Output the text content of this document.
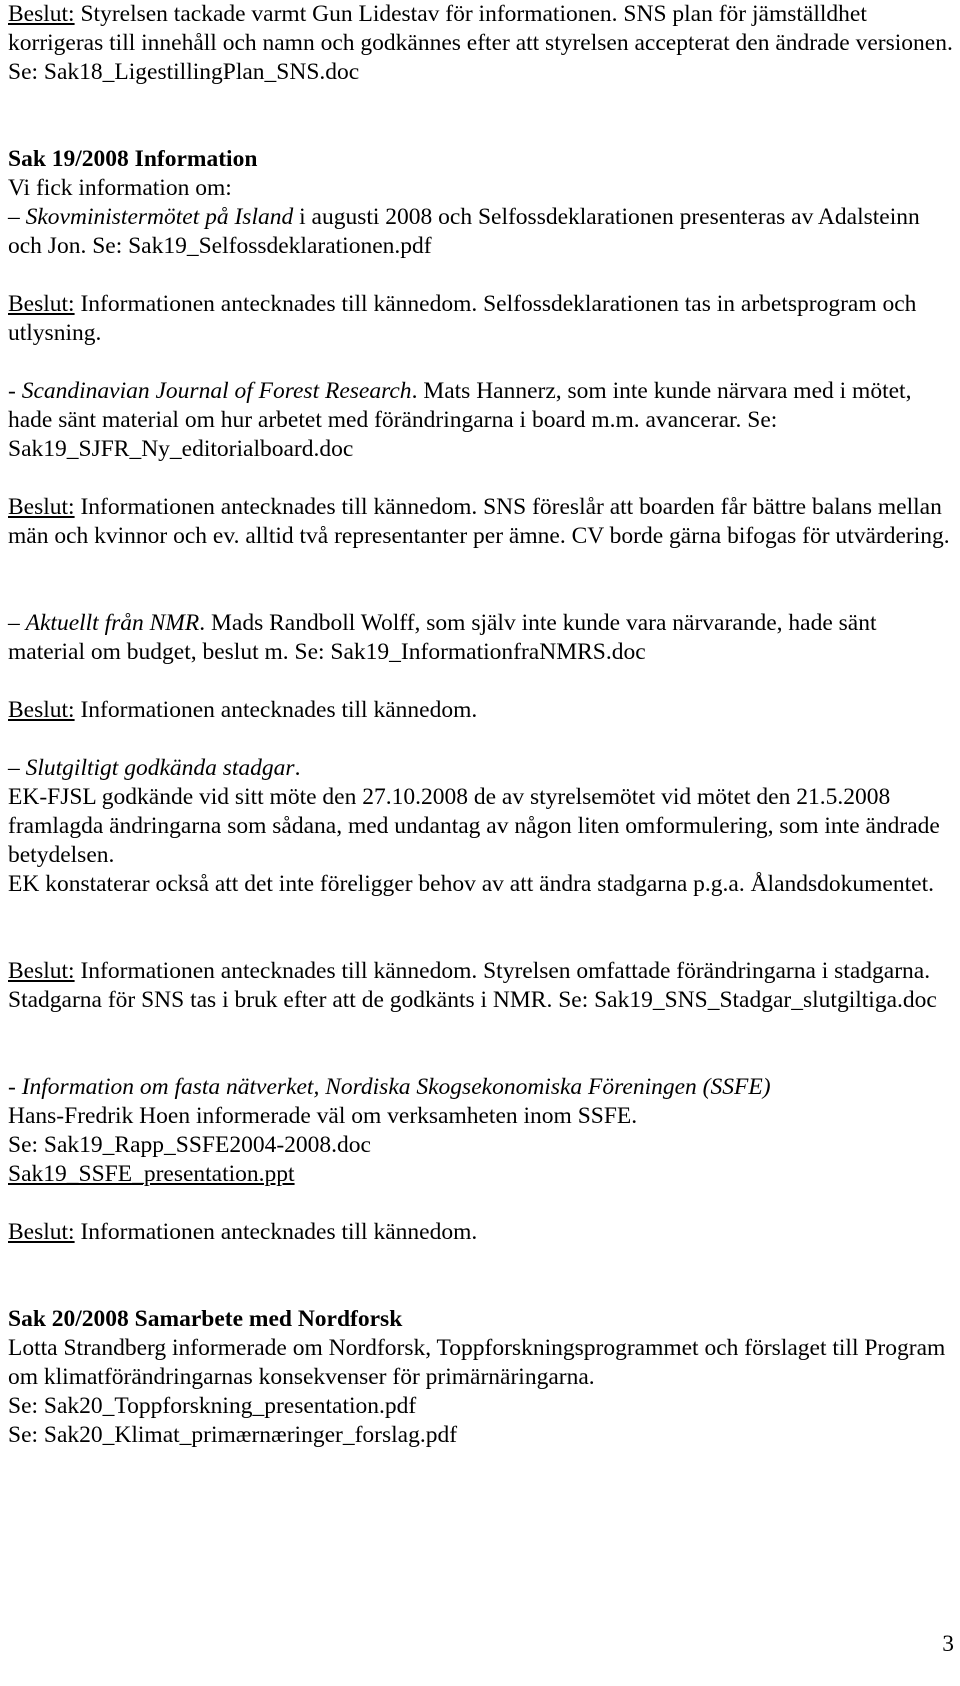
Beslut: Styrelsen tackade varmt Gun Lidestav för informationen. SNS plan för jämställdhet korrigeras till innehåll och namn och godkännes efter att styrelsen accepterat den ändrade versionen. Se: Sak18_LigestillingPlan_SNS.doc

Sak 19/2008 Information

Vi fick information om:

– Skovministermötet på Island i augusti 2008 och Selfossdeklarationen presenteras av Adalsteinn och Jon. Se: Sak19_Selfossdeklarationen.pdf

Beslut: Informationen antecknades till kännedom. Selfossdeklarationen tas in arbetsprogram och utlysning.

- Scandinavian Journal of Forest Research. Mats Hannerz, som inte kunde närvara med i mötet, hade sänt material om hur arbetet med förändringarna i board m.m. avancerar. Se: Sak19_SJFR_Ny_editorialboard.doc

Beslut: Informationen antecknades till kännedom. SNS föreslår att boarden får bättre balans mellan män och kvinnor och ev. alltid två representanter per ämne. CV borde gärna bifogas för utvärdering.

– Aktuellt från NMR. Mads Randboll Wolff, som själv inte kunde vara närvarande, hade sänt material om budget, beslut m. Se: Sak19_InformationfraNMRS.doc

Beslut: Informationen antecknades till kännedom.

– Slutgiltigt godkända stadgar.
EK-FJSL godkände vid sitt möte den 27.10.2008 de av styrelsemötet vid mötet den 21.5.2008 framlagda ändringarna som sådana, med undantag av någon liten omformulering, som inte ändrade betydelsen.
EK konstaterar också att det inte föreligger behov av att ändra stadgarna p.g.a. Ålandsdokumentet.

Beslut: Informationen antecknades till kännedom. Styrelsen omfattade förändringarna i stadgarna. Stadgarna för SNS tas i bruk efter att de godkänts i NMR. Se: Sak19_SNS_Stadgar_slutgiltiga.doc

- Information om fasta nätverket, Nordiska Skogsekonomiska Föreningen (SSFE)
Hans-Fredrik Hoen informerade väl om verksamheten inom SSFE.
Se: Sak19_Rapp_SSFE2004-2008.doc
Sak19_SSFE_presentation.ppt

Beslut: Informationen antecknades till kännedom.

Sak 20/2008 Samarbete med Nordforsk

Lotta Strandberg informerade om Nordforsk, Toppforskningsprogrammet och förslaget till Program om klimatförändringarnas konsekvenser för primärnäringarna.
Se: Sak20_Toppforskning_presentation.pdf
Se: Sak20_Klimat_primærnæringer_forslag.pdf
3
